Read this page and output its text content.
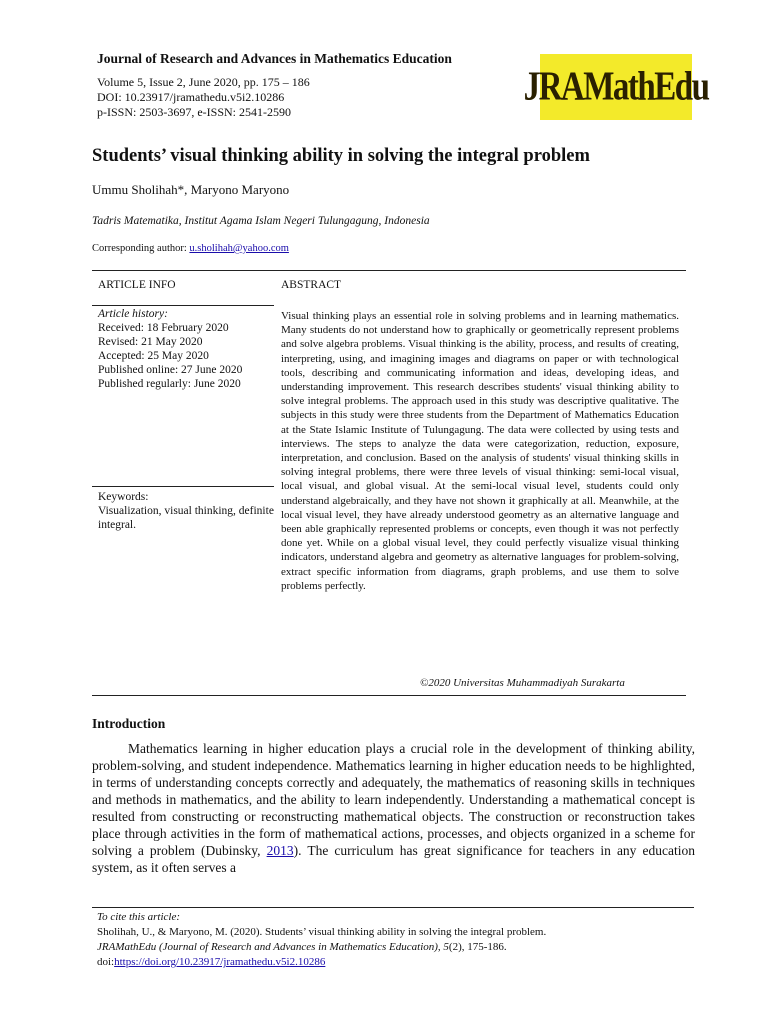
Journal of Research and Advances in Mathematics Education
Volume 5, Issue 2, June 2020, pp. 175 – 186
DOI: 10.23917/jramathedu.v5i2.10286
p-ISSN: 2503-3697, e-ISSN: 2541-2590
JRAMathEdu
Students’ visual thinking ability in solving the integral problem
Ummu Sholihah*, Maryono Maryono
Tadris Matematika, Institut Agama Islam Negeri Tulungagung, Indonesia
Corresponding author: u.sholihah@yahoo.com
ARTICLE INFO	ABSTRACT
Article history:
Received: 18 February 2020
Revised: 21 May 2020
Accepted: 25 May 2020
Published online: 27 June 2020
Published regularly: June 2020
Keywords:
Visualization, visual thinking, definite integral.
Visual thinking plays an essential role in solving problems and in learning mathematics. Many students do not understand how to graphically or geometrically represent problems and solve algebra problems. Visual thinking is the ability, process, and results of creating, interpreting, using, and imagining images and diagrams on paper or with technological tools, describing and communicating information and ideas, developing ideas, and understanding improvement. This research describes students' visual thinking ability to solve integral problems. The approach used in this study was descriptive qualitative. The subjects in this study were three students from the Department of Mathematics Education at the State Islamic Institute of Tulungagung. The data were collected by using tests and interviews. The steps to analyze the data were categorization, reduction, exposure, interpretation, and conclusion. Based on the analysis of students' visual thinking skills in solving integral problems, there were three levels of visual thinking: semi-local visual, local visual, and global visual. At the semi-local visual level, students could only understand algebraically, and they have not shown it graphically at all. Meanwhile, at the local visual level, they have already understood geometry as an alternative language and been able graphically represented problems or concepts, even though it was not perfectly done yet. While on a global visual level, they could perfectly visualize visual thinking indicators, understand algebra and geometry as alternative languages for problem-solving, extract specific information from diagrams, graph problems, and use them to solve problems perfectly.
©2020 Universitas Muhammadiyah Surakarta
Introduction
Mathematics learning in higher education plays a crucial role in the development of thinking ability, problem-solving, and student independence. Mathematics learning in higher education needs to be highlighted, in terms of understanding concepts correctly and adequately, the mathematics of reasoning skills in techniques and methods in mathematics, and the ability to learn independently. Understanding a mathematical concept is resulted from constructing or reconstructing mathematical objects. The construction or reconstruction takes place through activities in the form of mathematical actions, processes, and objects organized in a scheme for solving a problem (Dubinsky, 2013). The curriculum has great significance for teachers in any education system, as it often serves a
To cite this article:
Sholihah, U., & Maryono, M. (2020). Students’ visual thinking ability in solving the integral problem.
JRAMathEdu (Journal of Research and Advances in Mathematics Education), 5(2), 175-186.
doi:https://doi.org/10.23917/jramathedu.v5i2.10286
